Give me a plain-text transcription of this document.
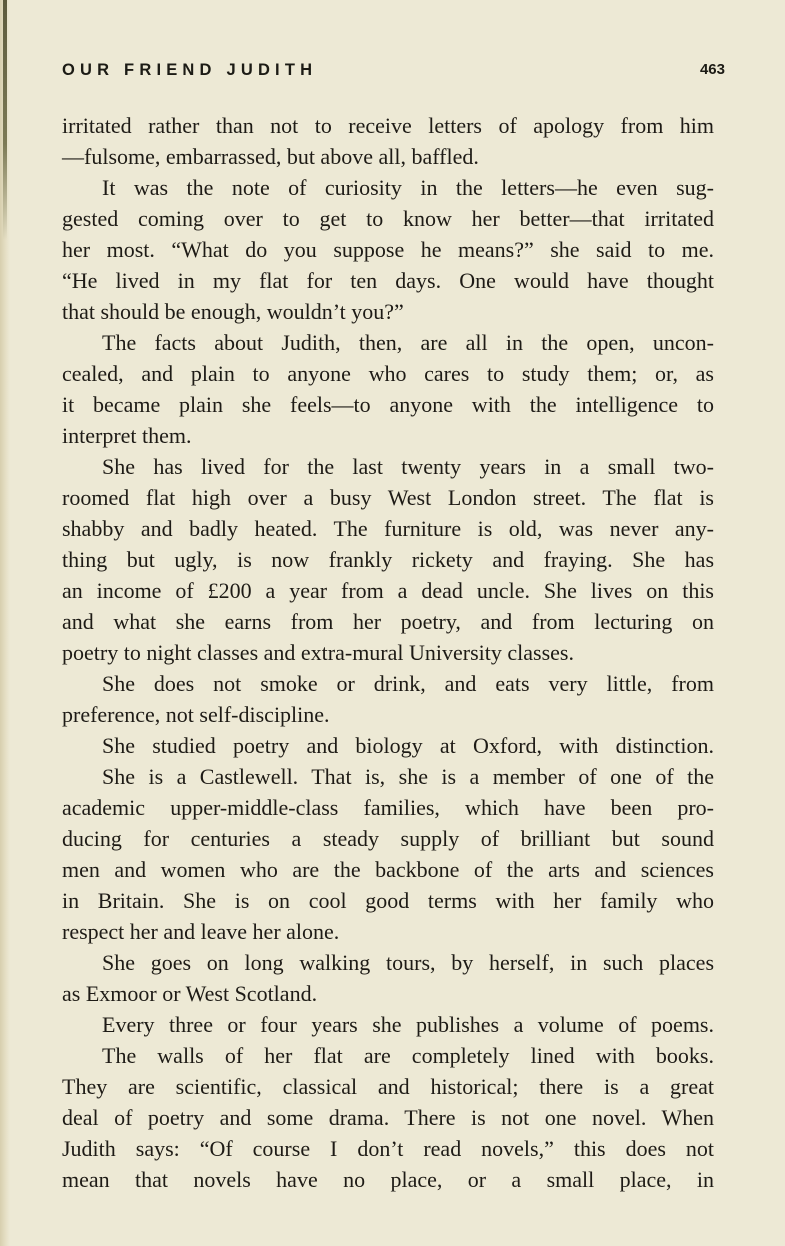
OUR FRIEND JUDITH	463

irritated rather than not to receive letters of apology from him

—fulsome, embarrassed, but above all, baffled.

It was the note of curiosity in the letters—he even sug-

gested coming over to get to know her better—that irritated

her most. “What do you suppose he means?” she said to me.

“He lived in my flat for ten days. One would have thought

that should be enough, wouldn’t you?”

The facts about Judith, then, are all in the open, uncon-

cealed, and plain to anyone who cares to study them; or, as

it became plain she feels—to anyone with the intelligence to

interpret them.

She has lived for the last twenty years in a small two-

roomed flat high over a busy West London street. The flat is

shabby and badly heated. The furniture is old, was never any-

thing but ugly, is now frankly rickety and fraying. She has

an income of £200 a year from a dead uncle. She lives on this

and what she earns from her poetry, and from lecturing on

poetry to night classes and extra-mural University classes.

She does not smoke or drink, and eats very little, from

preference, not self-discipline.

She studied poetry and biology at Oxford, with distinction.

She is a Castlewell. That is, she is a member of one of the

academic upper-middle-class families, which have been pro-

ducing for centuries a steady supply of brilliant but sound

men and women who are the backbone of the arts and sciences

in Britain. She is on cool good terms with her family who

respect her and leave her alone.

She goes on long walking tours, by herself, in such places

as Exmoor or West Scotland.

Every three or four years she publishes a volume of poems.

The walls of her flat are completely lined with books.

They are scientific, classical and historical; there is a great

deal of poetry and some drama. There is not one novel. When

Judith says: “Of course I don’t read novels,” this does not

mean that novels have no place, or a small place, in
